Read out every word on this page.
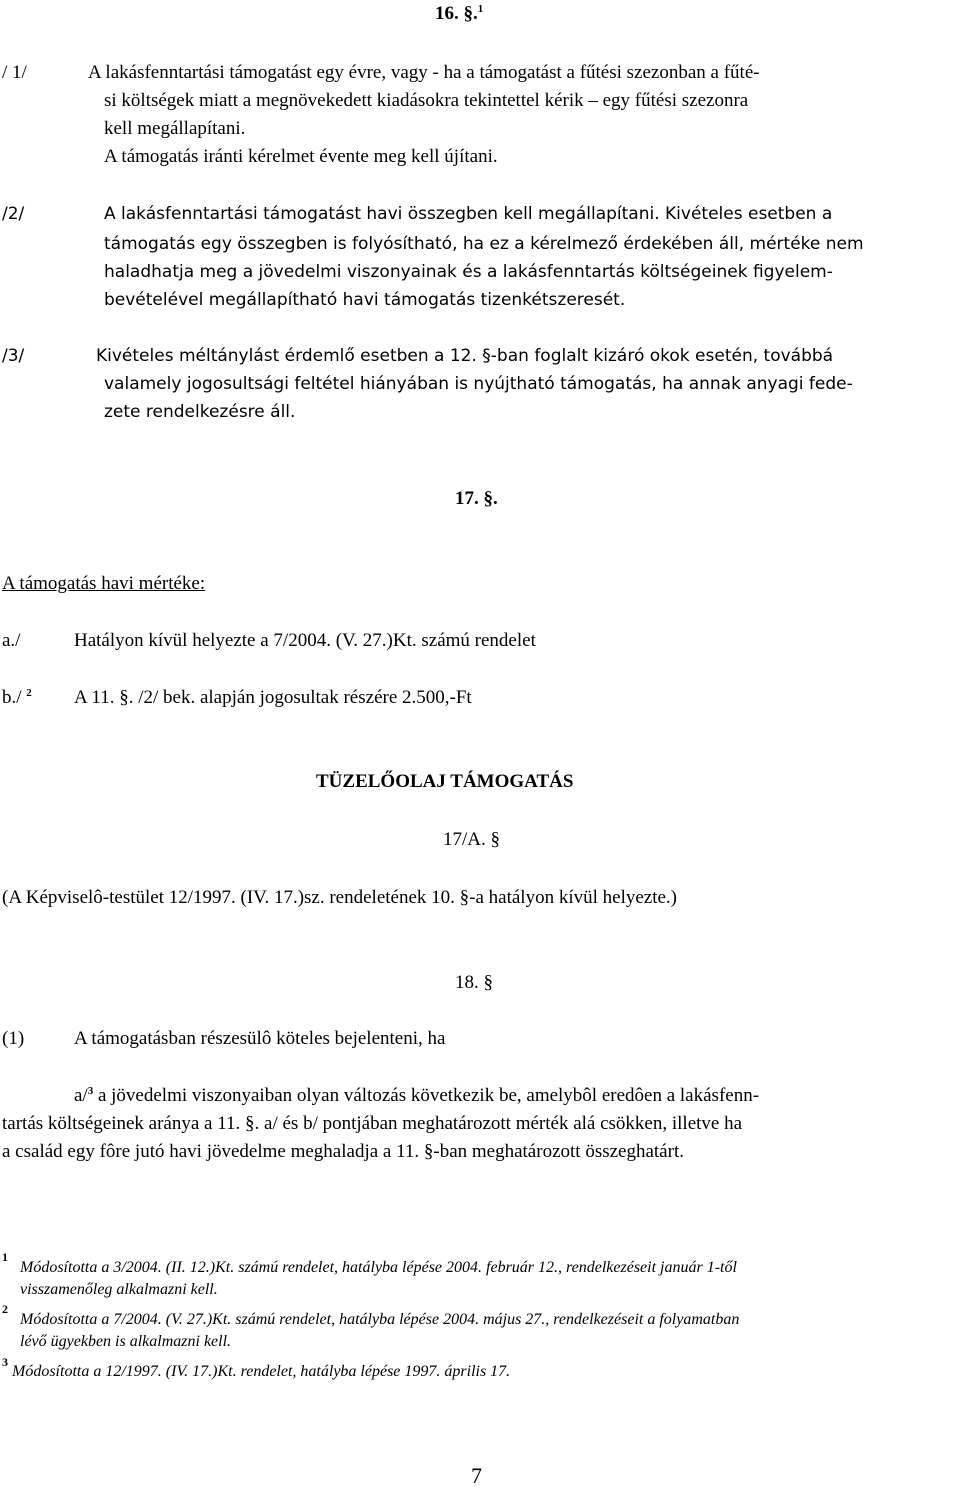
16. §.$^1$
/ 1/	A lakásfenntartási támogatást egy évre, vagy - ha a támogatást a fűtési szezonban a fűté-
si költségek miatt a megnövekedett kiadásokra tekintettel kérik – egy fűtési szezonra
kell megállapítani.
A támogatás iránti kérelmet évente meg kell újítani.
/2/	A lakásfenntartási támogatást havi összegben kell megállapítani. Kivételes esetben a
támogatás egy összegben is folyósítható, ha ez a kérelmező érdekében áll, mértéke nem
haladhatja meg a jövedelmi viszonyainak és a lakásfenntartás költségeinek figyelem-
bevételével megállapítható havi támogatás tizenkétszeresét.
/3/	Kivételes méltánylást érdemlő esetben a 12. §-ban foglalt kizáró okok esetén, továbbá
valamely jogosultsági feltétel hiányában is nyújtható támogatás, ha annak anyagi fede-
zete rendelkezésre áll.
17. §.
A támogatás havi mértéke:
a./	Hatályon kívül helyezte a 7/2004. (V. 27.)Kt. számú rendelet
b./ $^2$ A 11. §. /2/ bek. alapján jogosultak részére 2.500,-Ft
TÜZELŐOLAJ TÁMOGATÁS
17/A. §
(A Képviselô-testület 12/1997. (IV. 17.)sz. rendeletének 10. §-a hatályon kívül helyezte.)
18. §
(1)	A támogatásban részesülô köteles bejelenteni, ha
a/$^3$ a jövedelmi viszonyaiban olyan változás következik be, amelybôl eredôen a lakásfenn-
tartás költségeinek aránya a 11. §. a/ és b/ pontjában meghatározott mérték alá csökken, illetve ha
a család egy fôre jutó havi jövedelme meghaladja a 11. §-ban meghatározott összeghatárt.
1
Módosította a 3/2004. (II. 12.)Kt. számú rendelet, hatályba lépése 2004. február 12., rendelkezéseit január 1-től
visszamenőleg alkalmazni kell.
2
Módosította a 7/2004. (V. 27.)Kt. számú rendelet, hatályba lépése 2004. május 27., rendelkezéseit a folyamatban
lévő ügyekben is alkalmazni kell.
3
Módosította a 12/1997. (IV. 17.)Kt. rendelet, hatályba lépése 1997. április 17.
7
